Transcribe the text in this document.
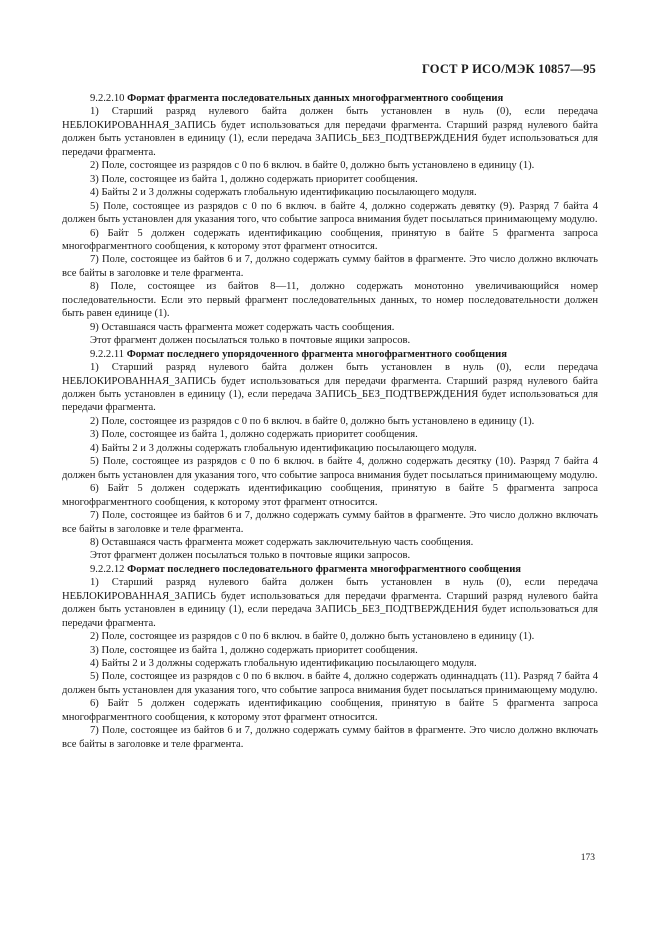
ГОСТ Р ИСО/МЭК 10857—95

9.2.2.10 Формат фрагмента последовательных данных многофрагментного сообщения

1) Старший разряд нулевого байта должен быть установлен в нуль (0), если передача НЕБЛОКИРОВАННАЯ_ЗАПИСЬ будет использоваться для передачи фрагмента. Старший разряд нулевого байта должен быть установлен в единицу (1), если передача ЗАПИСЬ_БЕЗ_ПОДТВЕРЖДЕНИЯ будет использоваться для передачи фрагмента.

2) Поле, состоящее из разрядов с 0 по 6 включ. в байте 0, должно быть установлено в единицу (1).

3) Поле, состоящее из байта 1, должно содержать приоритет сообщения.

4) Байты 2 и 3 должны содержать глобальную идентификацию посылающего модуля.

5) Поле, состоящее из разрядов с 0 по 6 включ. в байте 4, должно содержать девятку (9). Разряд 7 байта 4 должен быть установлен для указания того, что событие запроса внимания будет посылаться принимающему модулю.

6) Байт 5 должен содержать идентификацию сообщения, принятую в байте 5 фрагмента запроса многофрагментного сообщения, к которому этот фрагмент относится.

7) Поле, состоящее из байтов 6 и 7, должно содержать сумму байтов в фрагменте. Это число должно включать все байты в заголовке и теле фрагмента.

8) Поле, состоящее из байтов 8—11, должно содержать монотонно увеличивающийся номер последовательности. Если это первый фрагмент последовательных данных, то номер последовательности должен быть равен единице (1).

9) Оставшаяся часть фрагмента может содержать часть сообщения.

Этот фрагмент должен посылаться только в почтовые ящики запросов.

9.2.2.11 Формат последнего упорядоченного фрагмента многофрагментного сообщения

1) Старший разряд нулевого байта должен быть установлен в нуль (0), если передача НЕБЛОКИРОВАННАЯ_ЗАПИСЬ будет использоваться для передачи фрагмента. Старший разряд нулевого байта должен быть установлен в единицу (1), если передача ЗАПИСЬ_БЕЗ_ПОДТВЕРЖДЕНИЯ будет использоваться для передачи фрагмента.

2) Поле, состоящее из разрядов с 0 по 6 включ. в байте 0, должно быть установлено в единицу (1).

3) Поле, состоящее из байта 1, должно содержать приоритет сообщения.

4) Байты 2 и 3 должны содержать глобальную идентификацию посылающего модуля.

5) Поле, состоящее из разрядов с 0 по 6 включ. в байте 4, должно содержать десятку (10). Разряд 7 байта 4 должен быть установлен для указания того, что событие запроса внимания будет посылаться принимающему модулю.

6) Байт 5 должен содержать идентификацию сообщения, принятую в байте 5 фрагмента запроса многофрагментного сообщения, к которому этот фрагмент относится.

7) Поле, состоящее из байтов 6 и 7, должно содержать сумму байтов в фрагменте. Это число должно включать все байты в заголовке и теле фрагмента.

8) Оставшаяся часть фрагмента может содержать заключительную часть сообщения.

Этот фрагмент должен посылаться только в почтовые ящики запросов.

9.2.2.12 Формат последнего последовательного фрагмента многофрагментного сообщения

1) Старший разряд нулевого байта должен быть установлен в нуль (0), если передача НЕБЛОКИРОВАННАЯ_ЗАПИСЬ будет использоваться для передачи фрагмента. Старший разряд нулевого байта должен быть установлен в единицу (1), если передача ЗАПИСЬ_БЕЗ_ПОДТВЕРЖДЕНИЯ будет использоваться для передачи фрагмента.

2) Поле, состоящее из разрядов с 0 по 6 включ. в байте 0, должно быть установлено в единицу (1).

3) Поле, состоящее из байта 1, должно содержать приоритет сообщения.

4) Байты 2 и 3 должны содержать глобальную идентификацию посылающего модуля.

5) Поле, состоящее из разрядов с 0 по 6 включ. в байте 4, должно содержать одиннадцать (11). Разряд 7 байта 4 должен быть установлен для указания того, что событие запроса внимания будет посылаться принимающему модулю.

6) Байт 5 должен содержать идентификацию сообщения, принятую в байте 5 фрагмента запроса многофрагментного сообщения, к которому этот фрагмент относится.

7) Поле, состоящее из байтов 6 и 7, должно содержать сумму байтов в фрагменте. Это число должно включать все байты в заголовке и теле фрагмента.

173
